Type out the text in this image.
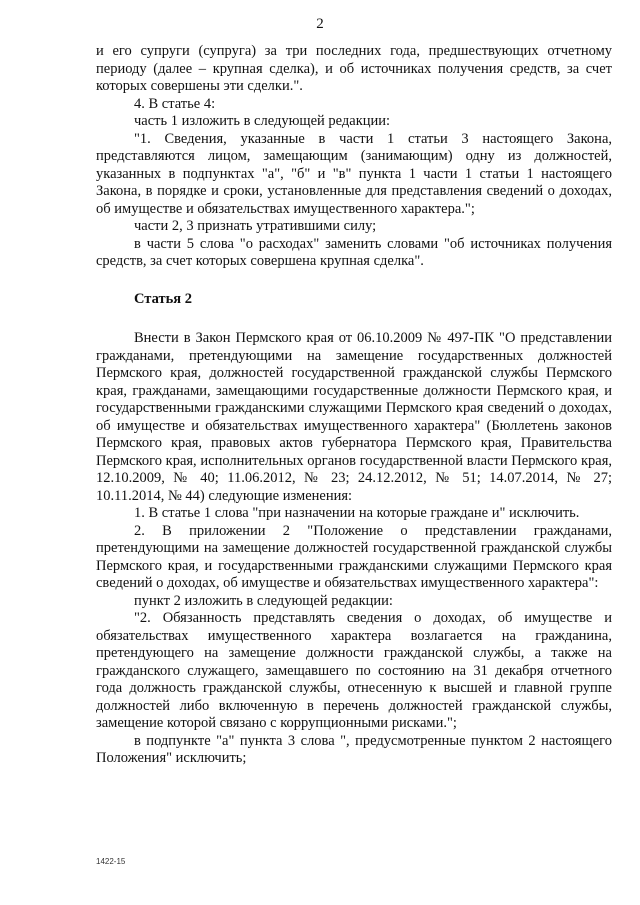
2

и его супруги (супруга) за три последних года, предшествующих отчетному периоду (далее – крупная сделка), и об источниках получения средств, за счет которых совершены эти сделки.".

4. В статье 4:

часть 1 изложить в следующей редакции:

"1. Сведения, указанные в части 1 статьи 3 настоящего Закона, представляются лицом, замещающим (занимающим) одну из должностей, указанных в подпунктах "а", "б" и "в" пункта 1 части 1 статьи 1 настоящего Закона, в порядке и сроки, установленные для представления сведений о доходах, об имуществе и обязательствах имущественного характера.";

части 2, 3 признать утратившими силу;

в части 5 слова "о расходах" заменить словами "об источниках получения средств, за счет которых совершена крупная сделка".

Статья 2

Внести в Закон Пермского края от 06.10.2009 № 497-ПК "О представлении гражданами, претендующими на замещение государственных должностей Пермского края, должностей государственной гражданской службы Пермского края, гражданами, замещающими государственные должности Пермского края, и государственными гражданскими служащими Пермского края сведений о доходах, об имуществе и обязательствах имущественного характера" (Бюллетень законов Пермского края, правовых актов губернатора Пермского края, Правительства Пермского края, исполнительных органов государственной власти Пермского края, 12.10.2009, № 40; 11.06.2012, № 23; 24.12.2012, № 51; 14.07.2014, № 27; 10.11.2014, № 44) следующие изменения:

1. В статье 1 слова "при назначении на которые граждане и" исключить.

2. В приложении 2 "Положение о представлении гражданами, претендующими на замещение должностей государственной гражданской службы Пермского края, и государственными гражданскими служащими Пермского края сведений о доходах, об имуществе и обязательствах имущественного характера":

пункт 2 изложить в следующей редакции:

"2. Обязанность представлять сведения о доходах, об имуществе и обязательствах имущественного характера возлагается на гражданина, претендующего на замещение должности гражданской службы, а также на гражданского служащего, замещавшего по состоянию на 31 декабря отчетного года должность гражданской службы, отнесенную к высшей и главной группе должностей либо включенную в перечень должностей гражданской службы, замещение которой связано с коррупционными рисками.";

в подпункте "а" пункта 3 слова ", предусмотренные пунктом 2 настоящего Положения" исключить;

1422-15
